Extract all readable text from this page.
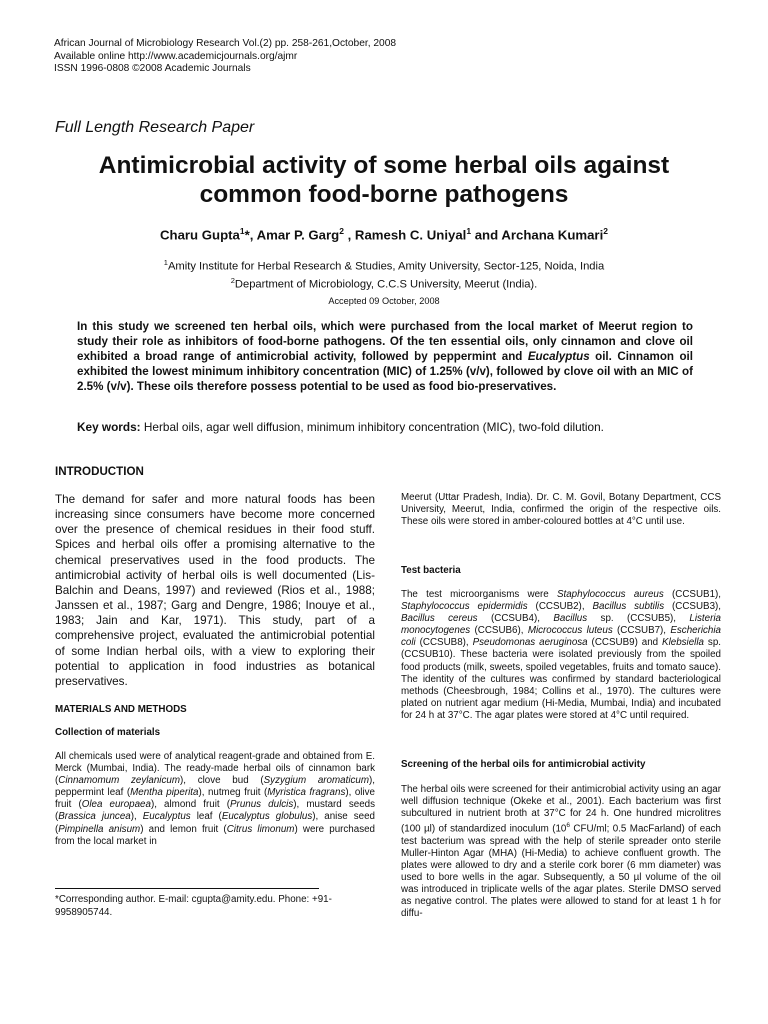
African Journal of Microbiology Research Vol.(2) pp. 258-261,October, 2008
Available online http://www.academicjournals.org/ajmr
ISSN 1996-0808 ©2008 Academic Journals
Full Length Research Paper
Antimicrobial activity of some herbal oils against
common food-borne pathogens
Charu Gupta$^1$*, Amar P. Garg$^2$ , Ramesh C. Uniyal$^1$ and Archana Kumari$^2$
$^1$Amity Institute for Herbal Research & Studies, Amity University, Sector-125, Noida, India
$^2$Department of Microbiology, C.C.S University, Meerut (India).
Accepted 09 October, 2008

In this study we screened ten herbal oils, which were purchased from the local market of Meerut region to study their role as inhibitors of food-borne pathogens. Of the ten essential oils, only cinnamon and clove oil exhibited a broad range of antimicrobial activity, followed by peppermint and Eucalyptus oil. Cinnamon oil exhibited the lowest minimum inhibitory concentration (MIC) of 1.25% (v/v), followed by clove oil with an MIC of 2.5% (v/v). These oils therefore possess potential to be used as food bio-preservatives.

Key words: Herbal oils, agar well diffusion, minimum inhibitory concentration (MIC), two-fold dilution.

INTRODUCTION

The demand for safer and more natural foods has been increasing since consumers have become more concerned over the presence of chemical residues in their food stuff. Spices and herbal oils offer a promising alternative to the chemical preservatives used in the food products. The antimicrobial activity of herbal oils is well documented (Lis-Balchin and Deans, 1997) and reviewed (Rios et al., 1988; Janssen et al., 1987; Garg and Dengre, 1986; Inouye et al., 1983; Jain and Kar, 1971). This study, part of a comprehensive project, evaluated the antimicrobial potential of some Indian herbal oils, with a view to exploring their potential to application in food industries as botanical preservatives.

MATERIALS AND METHODS
Collection of materials

All chemicals used were of analytical reagent-grade and obtained from E. Merck (Mumbai, India). The ready-made herbal oils of cinnamon bark (Cinnamomum zeylanicum), clove bud (Syzygium aromaticum), peppermint leaf (Mentha piperita), nutmeg fruit (Myristica fragrans), olive fruit (Olea europaea), almond fruit (Prunus dulcis), mustard seeds (Brassica juncea), Eucalyptus leaf (Eucalyptus globulus), anise seed (Pimpinella anisum) and lemon fruit (Citrus limonum) were purchased from the local market in

*Corresponding author. E-mail: cgupta@amity.edu. Phone: +91-9958905744.

Meerut (Uttar Pradesh, India). Dr. C. M. Govil, Botany Department, CCS University, Meerut, India, confirmed the origin of the respective oils. These oils were stored in amber-coloured bottles at 4°C until use.

Test bacteria

The test microorganisms were Staphylococcus aureus (CCSUB1), Staphylococcus epidermidis (CCSUB2), Bacillus subtilis (CCSUB3), Bacillus cereus (CCSUB4), Bacillus sp. (CCSUB5), Listeria monocytogenes (CCSUB6), Micrococcus luteus (CCSUB7), Escherichia coli (CCSUB8), Pseudomonas aeruginosa (CCSUB9) and Klebsiella sp. (CCSUB10). These bacteria were isolated previously from the spoiled food products (milk, sweets, spoiled vegetables, fruits and tomato sauce). The identity of the cultures was confirmed by standard bacteriological methods (Cheesbrough, 1984; Collins et al., 1970). The cultures were plated on nutrient agar medium (Hi-Media, Mumbai, India) and incubated for 24 h at 37°C. The agar plates were stored at 4°C until required.

Screening of the herbal oils for antimicrobial activity

The herbal oils were screened for their antimicrobial activity using an agar well diffusion technique (Okeke et al., 2001). Each bacterium was first subcultured in nutrient broth at 37°C for 24 h. One hundred microlitres (100 µl) of standardized inoculum ($10^6$ CFU/ml; 0.5 MacFarland) of each test bacterium was spread with the help of sterile spreader onto sterile Muller-Hinton Agar (MHA) (Hi-Media) to achieve confluent growth. The plates were allowed to dry and a sterile cork borer (6 mm diameter) was used to bore wells in the agar. Subsequently, a 50 µl volume of the oil was introduced in triplicate wells of the agar plates. Sterile DMSO served as negative control. The plates were allowed to stand for at least 1 h for diffu-
